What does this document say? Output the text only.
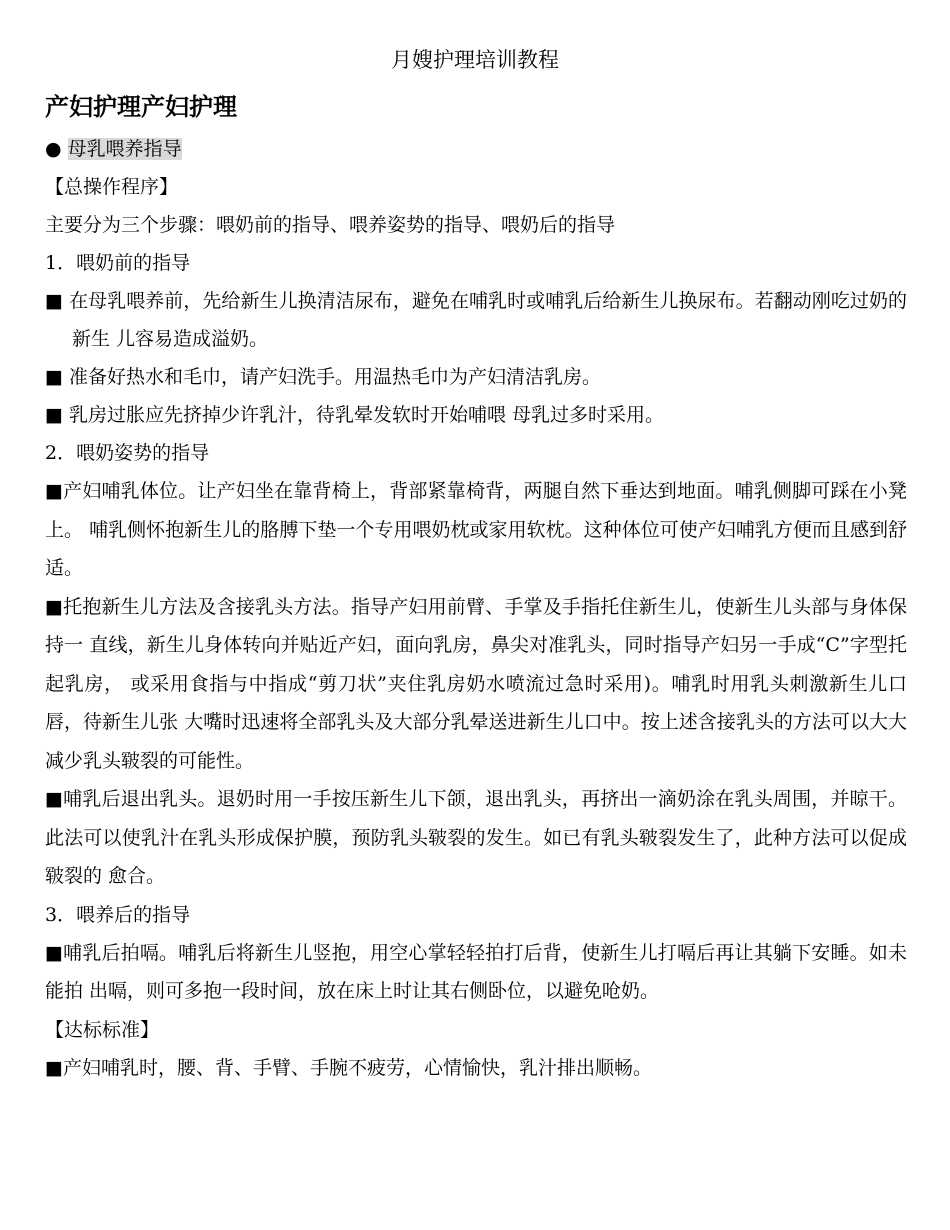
月嫂护理培训教程
产妇护理产妇护理

● 母乳喂养指导

【总操作程序】

主要分为三个步骤：喂奶前的指导、喂养姿势的指导、喂奶后的指导

1．喂奶前的指导

■ 在母乳喂养前，先给新生儿换清洁尿布，避免在哺乳时或哺乳后给新生儿换尿布。若翻动刚吃过奶的新生 儿容易造成溢奶。

■ 准备好热水和毛巾，请产妇洗手。用温热毛巾为产妇清洁乳房。

■ 乳房过胀应先挤掉少许乳汁，待乳晕发软时开始哺喂 母乳过多时采用。

2．喂奶姿势的指导

■产妇哺乳体位。让产妇坐在靠背椅上，背部紧靠椅背，两腿自然下垂达到地面。哺乳侧脚可踩在小凳上。 哺乳侧怀抱新生儿的胳膊下垫一个专用喂奶枕或家用软枕。这种体位可使产妇哺乳方便而且感到舒适。

■托抱新生儿方法及含接乳头方法。指导产妇用前臂、手掌及手指托住新生儿，使新生儿头部与身体保持一 直线，新生儿身体转向并贴近产妇，面向乳房，鼻尖对准乳头，同时指导产妇另一手成“C”字型托起乳房， 或采用食指与中指成“剪刀状”夹住乳房奶水喷流过急时采用)。哺乳时用乳头刺激新生儿口唇，待新生儿张 大嘴时迅速将全部乳头及大部分乳晕送进新生儿口中。按上述含接乳头的方法可以大大减少乳头皲裂的可能性。

■哺乳后退出乳头。退奶时用一手按压新生儿下颌，退出乳头，再挤出一滴奶涂在乳头周围，并晾干。此法可以使乳汁在乳头形成保护膜，预防乳头皲裂的发生。如已有乳头皲裂发生了，此种方法可以促成皲裂的 愈合。

3．喂养后的指导

■哺乳后拍嗝。哺乳后将新生儿竖抱，用空心掌轻轻拍打后背，使新生儿打嗝后再让其躺下安睡。如未能拍 出嗝，则可多抱一段时间，放在床上时让其右侧卧位，以避免呛奶。

【达标标准】

■产妇哺乳时，腰、背、手臂、手腕不疲劳，心情愉快，乳汁排出顺畅。
